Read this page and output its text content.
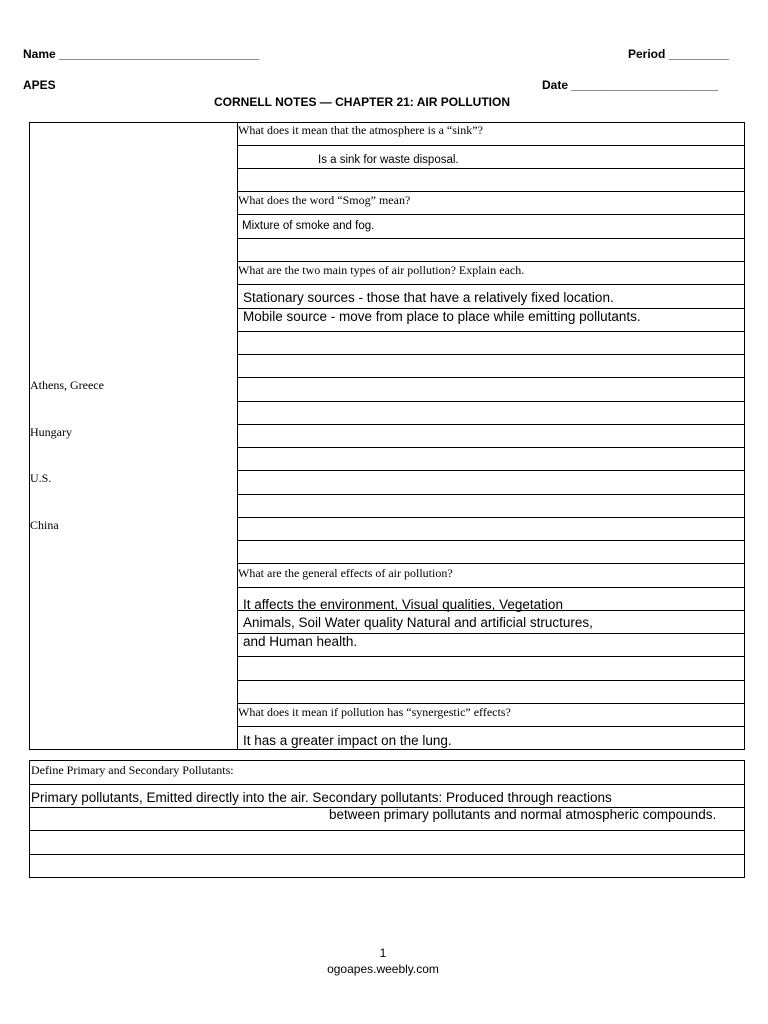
Name ______________________________	Period _________
APES	Date ______________________
CORNELL NOTES — CHAPTER 21: AIR POLLUTION
What does it mean that the atmosphere is a “sink”?
What does the word “Smog” mean?
What are the two main types of air pollution? Explain each.
What are the general effects of air pollution?
What does it mean if pollution has “synergestic” effects?
Is a sink for waste disposal.
Mixture of smoke and fog.
Stationary sources - those that have a relatively fixed location.
Mobile source - move from place to place while emitting pollutants.
It affects the environment, Visual qualities, Vegetation
Animals, Soil Water quality Natural and artificial structures,
and Human health.
It has a greater impact on the lung.
Athens, Greece
Hungary
U.S.
China
Define Primary and Secondary Pollutants:
Primary pollutants, Emitted directly into the air. Secondary pollutants: Produced through reactions
between primary pollutants and normal atmospheric compounds.
1
ogoapes.weebly.com
